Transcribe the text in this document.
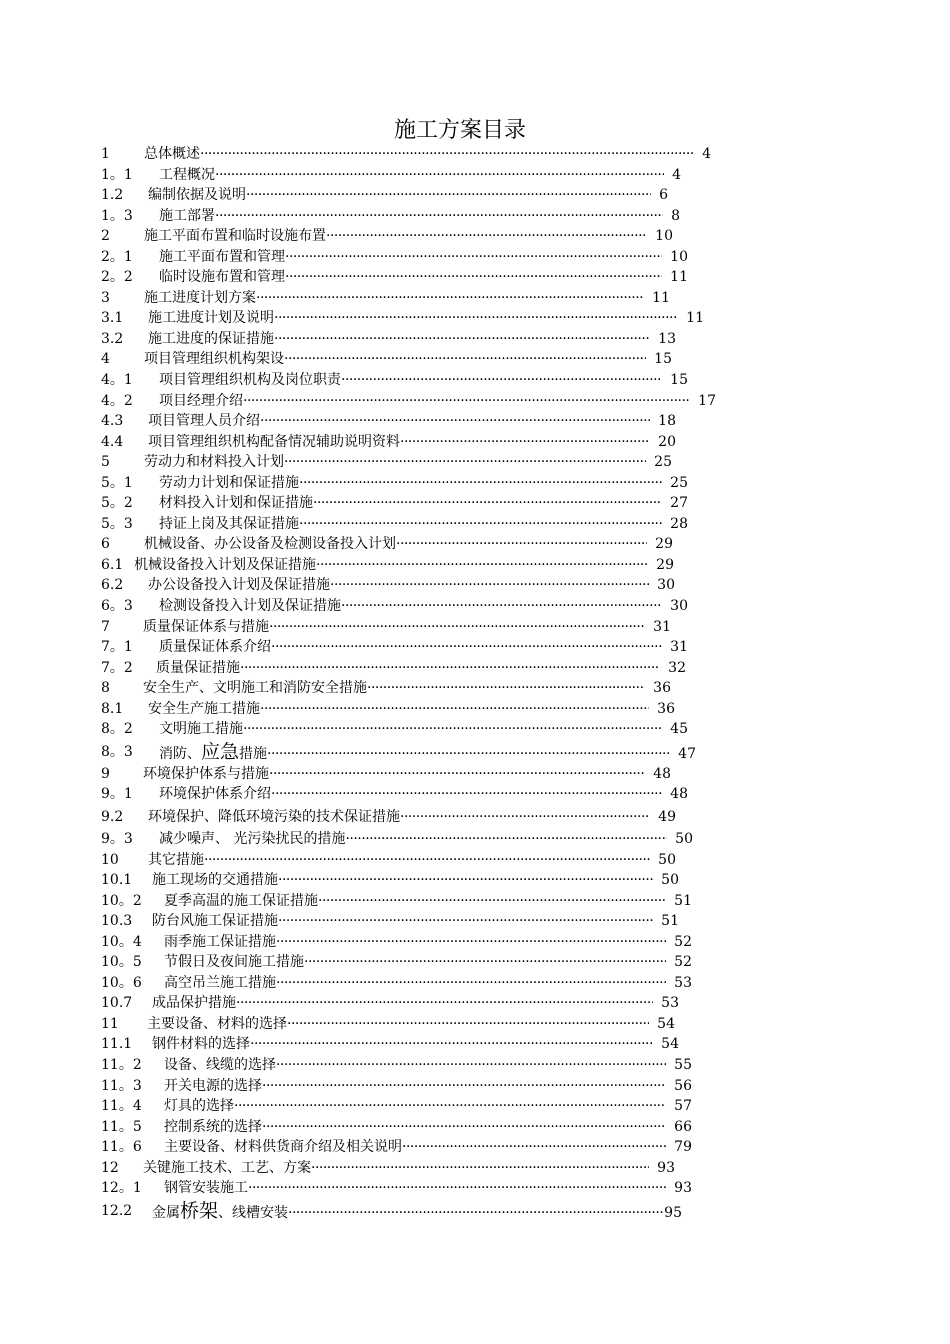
施工方案目录
1 总体概述 ·····	4
1。1 工程概况 ·····	4
1.2 编制依据及说明 ·····	6
1。3 施工部署 ·····	8
2 施工平面布置和临时设施布置 ·····	10
2。1 施工平面布置和管理 ·····	10
2。2 临时设施布置和管理 ·····	11
3 施工进度计划方案 ·····	11
3.1 施工进度计划及说明 ·····	11
3.2 施工进度的保证措施 ·····	13
4 项目管理组织机构架设 ·····	15
4。1 项目管理组织机构及岗位职责 ·····	15
4。2 项目经理介绍 ·····	17
4.3 项目管理人员介绍 ·····	18
4.4 项目管理组织机构配备情况辅助说明资料 ·····	20
5 劳动力和材料投入计划 ·····	25
5。1 劳动力计划和保证措施 ·····	25
5。2 材料投入计划和保证措施 ·····	27
5。3 持证上岗及其保证措施 ·····	28
6 机械设备、办公设备及检测设备投入计划 ·····	29
6.1 机械设备投入计划及保证措施 ·····	29
6.2 办公设备投入计划及保证措施 ·····	30
6。3 检测设备投入计划及保证措施 ·····	30
7 质量保证体系与措施 ·····	31
7。1 质量保证体系介绍 ·····	31
7。2 质量保证措施 ·····	32
8 安全生产、文明施工和消防安全措施 ·····	36
8.1 安全生产施工措施 ·····	36
8。2 文明施工措施 ·····	45
8。3 消防、应急措施 ·····	47
9 环境保护体系与措施 ·····	48
9。1 环境保护体系介绍 ·····	48
9.2 环境保护、降低环境污染的技术保证措施 ·····	49
9。3 减少噪声、 光污染扰民的措施 ·····	50
10 其它措施 ·····	50
10.1 施工现场的交通措施 ·····	50
10。2 夏季高温的施工保证措施 ·····	51
10.3 防台风施工保证措施 ·····	51
10。4 雨季施工保证措施 ·····	52
10。5 节假日及夜间施工措施 ·····	52
10。6 高空吊兰施工措施 ·····	53
10.7 成品保护措施 ·····	53
11 主要设备、材料的选择 ·····	54
11.1 钢件材料的选择 ·····	54
11。2 设备、线缆的选择 ·····	55
11。3 开关电源的选择 ·····	56
11。4 灯具的选择 ·····	57
11。5 控制系统的选择 ·····	66
11。6 主要设备、材料供货商介绍及相关说明 ·····	79
12 关键施工技术、工艺、方案 ·····	93
12。1 钢管安装施工 ·····	93
12.2 金属桥架、线槽安装 ·····	95
